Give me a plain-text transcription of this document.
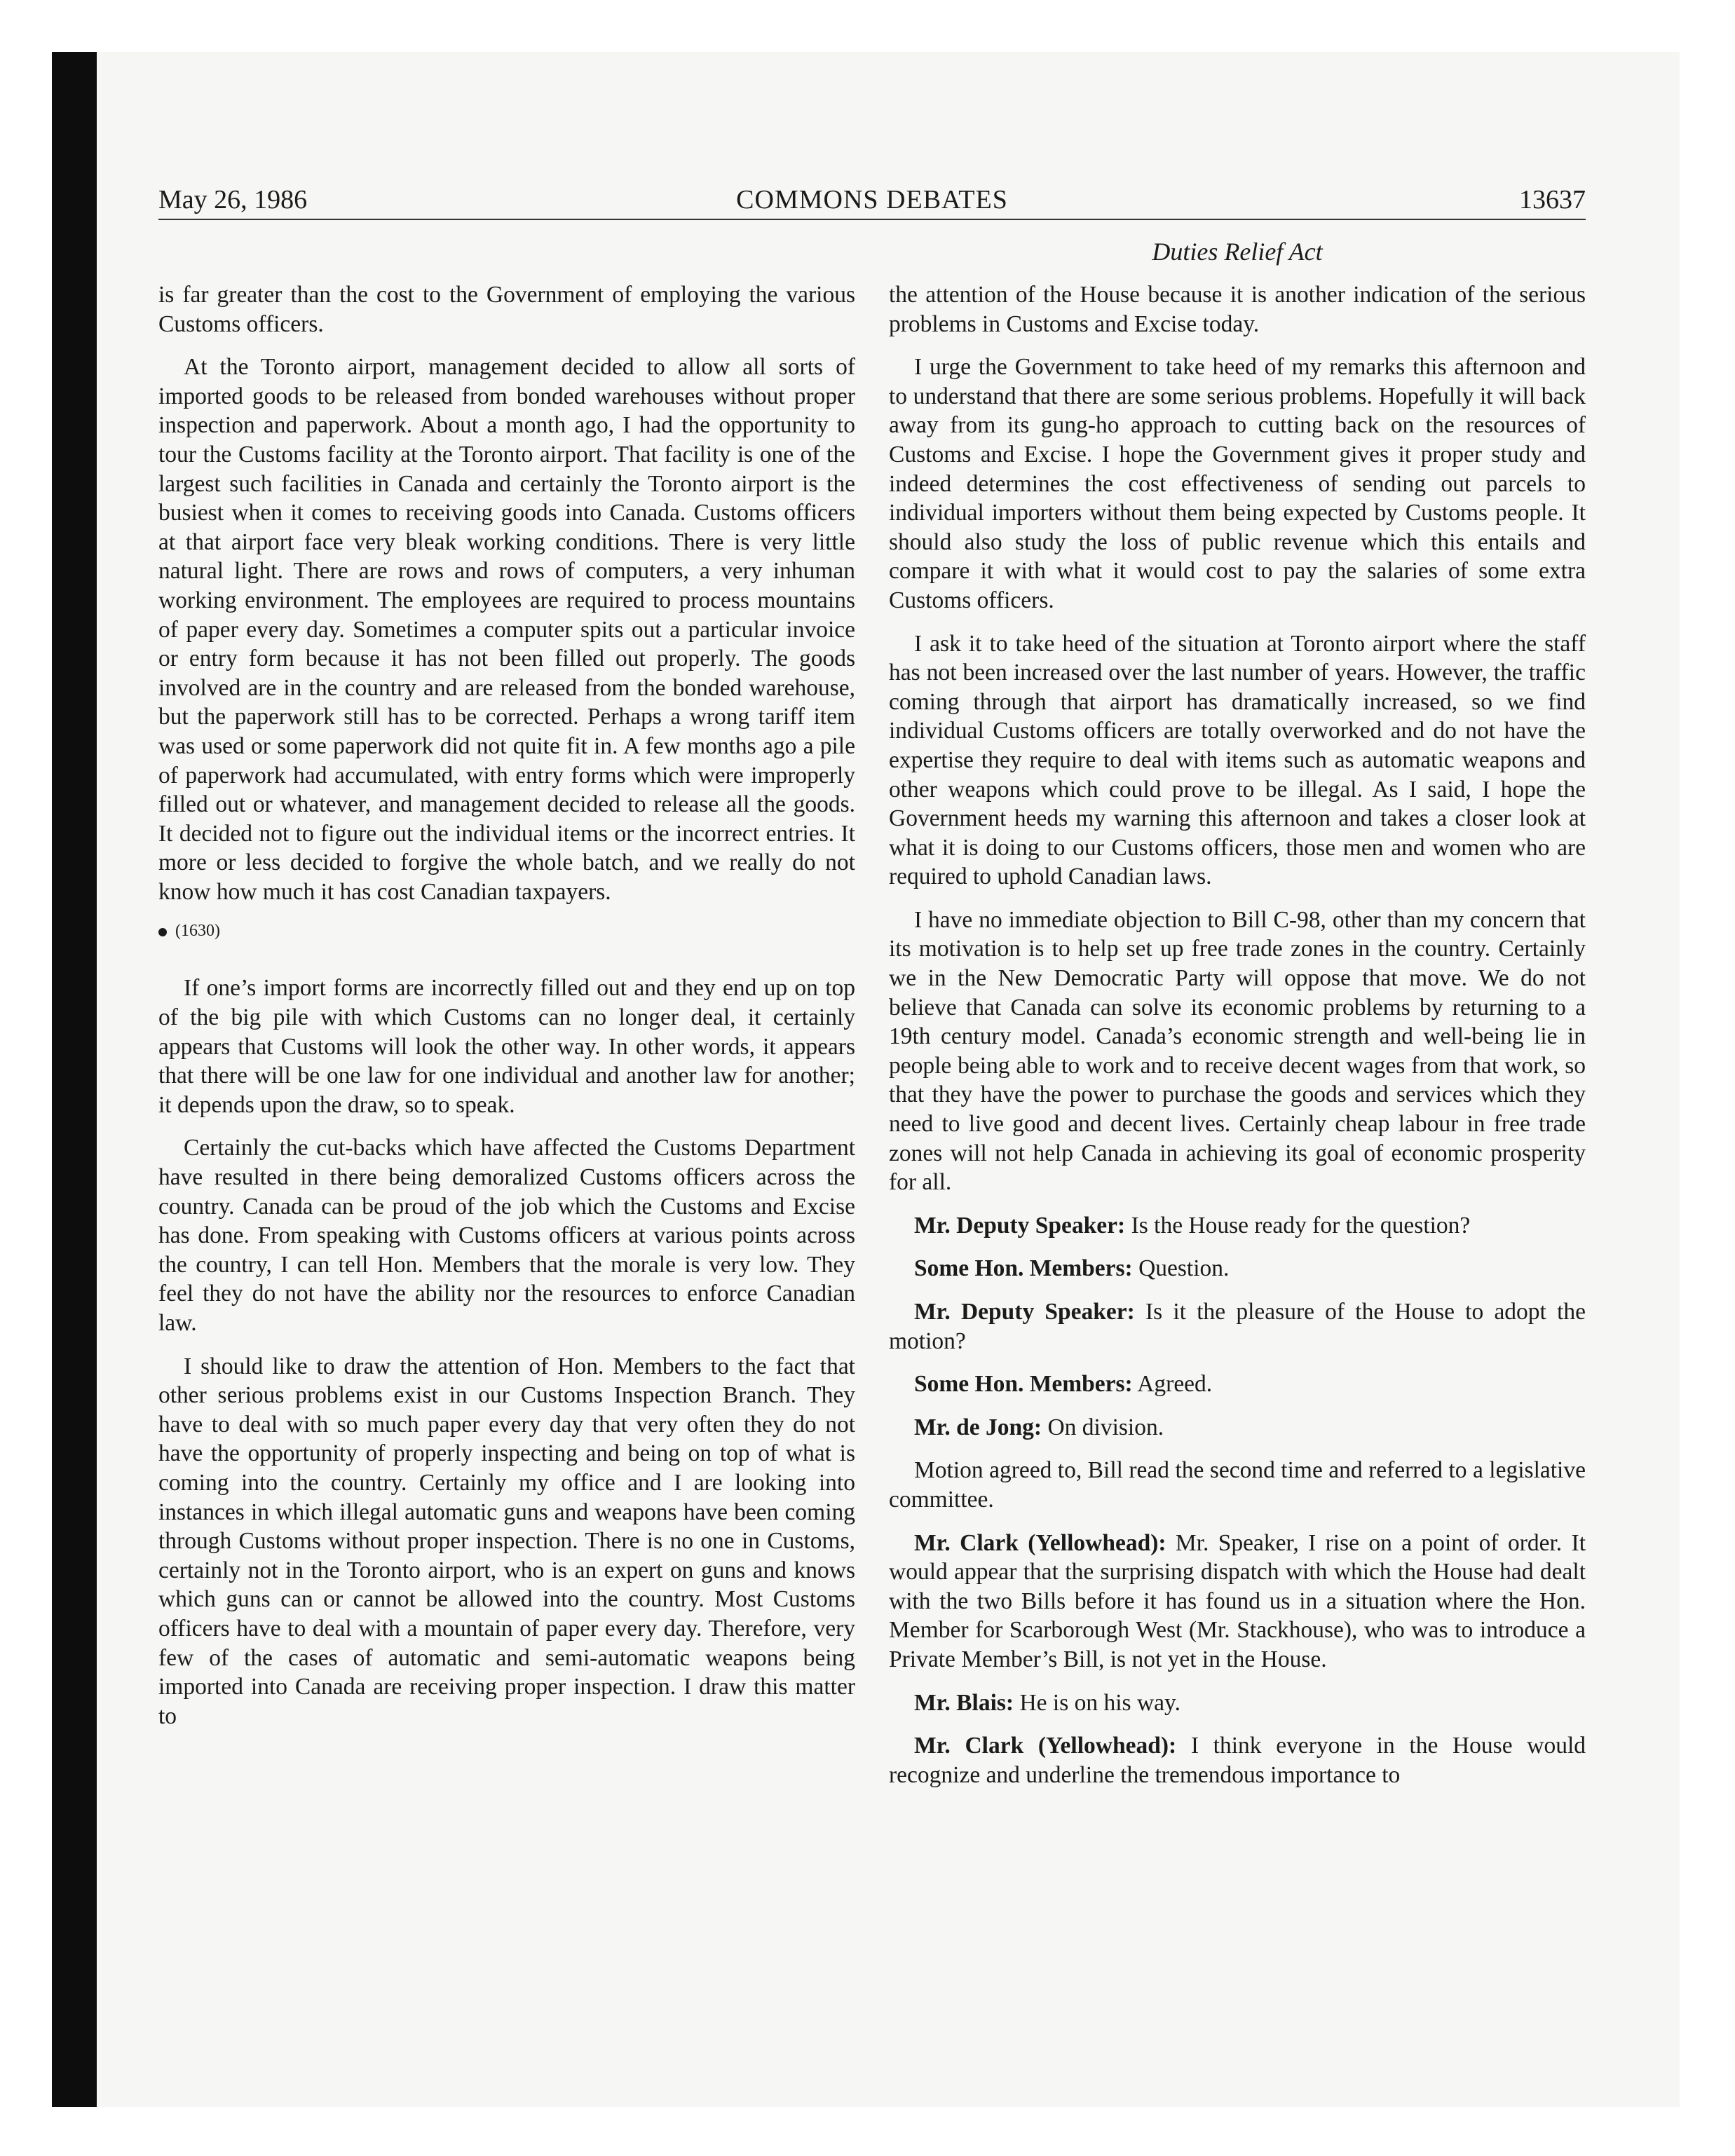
May 26, 1986	COMMONS DEBATES	13637
Duties Relief Act

is far greater than the cost to the Government of employing the various Customs officers.

At the Toronto airport, management decided to allow all sorts of imported goods to be released from bonded warehouses without proper inspection and paperwork. About a month ago, I had the opportunity to tour the Customs facility at the Toronto airport. That facility is one of the largest such facilities in Canada and certainly the Toronto airport is the busiest when it comes to receiving goods into Canada. Customs officers at that airport face very bleak working conditions. There is very little natural light. There are rows and rows of computers, a very inhuman working environment. The employees are required to process mountains of paper every day. Sometimes a computer spits out a particular invoice or entry form because it has not been filled out properly. The goods involved are in the country and are released from the bonded warehouse, but the paperwork still has to be corrected. Perhaps a wrong tariff item was used or some paperwork did not quite fit in. A few months ago a pile of paperwork had accumulated, with entry forms which were improperly filled out or whatever, and management decided to release all the goods. It decided not to figure out the individual items or the incorrect entries. It more or less decided to forgive the whole batch, and we really do not know how much it has cost Canadian taxpayers.

(1630)

If one’s import forms are incorrectly filled out and they end up on top of the big pile with which Customs can no longer deal, it certainly appears that Customs will look the other way. In other words, it appears that there will be one law for one individual and another law for another; it depends upon the draw, so to speak.

Certainly the cut-backs which have affected the Customs Department have resulted in there being demoralized Customs officers across the country. Canada can be proud of the job which the Customs and Excise has done. From speaking with Customs officers at various points across the country, I can tell Hon. Members that the morale is very low. They feel they do not have the ability nor the resources to enforce Canadian law.

I should like to draw the attention of Hon. Members to the fact that other serious problems exist in our Customs Inspection Branch. They have to deal with so much paper every day that very often they do not have the opportunity of properly inspecting and being on top of what is coming into the country. Certainly my office and I are looking into instances in which illegal automatic guns and weapons have been coming through Customs without proper inspection. There is no one in Customs, certainly not in the Toronto airport, who is an expert on guns and knows which guns can or cannot be allowed into the country. Most Customs officers have to deal with a mountain of paper every day. Therefore, very few of the cases of automatic and semi-automatic weapons being imported into Canada are receiving proper inspection. I draw this matter to

the attention of the House because it is another indication of the serious problems in Customs and Excise today.

I urge the Government to take heed of my remarks this afternoon and to understand that there are some serious problems. Hopefully it will back away from its gung-ho approach to cutting back on the resources of Customs and Excise. I hope the Government gives it proper study and indeed determines the cost effectiveness of sending out parcels to individual importers without them being expected by Customs people. It should also study the loss of public revenue which this entails and compare it with what it would cost to pay the salaries of some extra Customs officers.

I ask it to take heed of the situation at Toronto airport where the staff has not been increased over the last number of years. However, the traffic coming through that airport has dramatically increased, so we find individual Customs officers are totally overworked and do not have the expertise they require to deal with items such as automatic weapons and other weapons which could prove to be illegal. As I said, I hope the Government heeds my warning this afternoon and takes a closer look at what it is doing to our Customs officers, those men and women who are required to uphold Canadian laws.

I have no immediate objection to Bill C-98, other than my concern that its motivation is to help set up free trade zones in the country. Certainly we in the New Democratic Party will oppose that move. We do not believe that Canada can solve its economic problems by returning to a 19th century model. Canada’s economic strength and well-being lie in people being able to work and to receive decent wages from that work, so that they have the power to purchase the goods and services which they need to live good and decent lives. Certainly cheap labour in free trade zones will not help Canada in achieving its goal of economic prosperity for all.

Mr. Deputy Speaker: Is the House ready for the question?

Some Hon. Members: Question.

Mr. Deputy Speaker: Is it the pleasure of the House to adopt the motion?

Some Hon. Members: Agreed.

Mr. de Jong: On division.

Motion agreed to, Bill read the second time and referred to a legislative committee.

Mr. Clark (Yellowhead): Mr. Speaker, I rise on a point of order. It would appear that the surprising dispatch with which the House had dealt with the two Bills before it has found us in a situation where the Hon. Member for Scarborough West (Mr. Stackhouse), who was to introduce a Private Member’s Bill, is not yet in the House.

Mr. Blais: He is on his way.

Mr. Clark (Yellowhead): I think everyone in the House would recognize and underline the tremendous importance to
